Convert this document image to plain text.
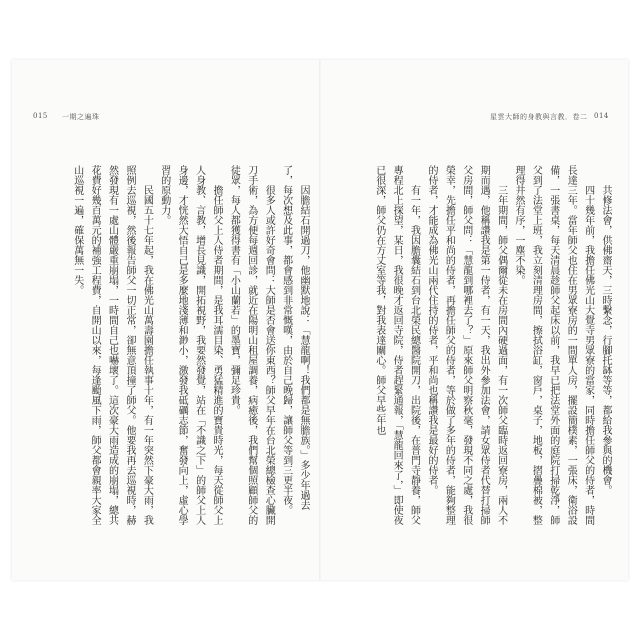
015 一期之遍珠	星雲大師的身教與言教．卷二 014

因膽結石開過刀，他幽默地說：「慧龍啊！我們都是無膽族。」多少年過去了，每次想及此事，都會感到非常慨嘆，由於自己晚歸，讓師父等到三更半夜。

很多人或許好奇會問：大師是否會送你東西？師父早年在台北榮總檢查心臟開刀手術，為方便每週回診，就近在陽明山租屋調養，病癒後，我們幫個照顧師父的徒眾，每人都獲得書有「小山蘭若」的墨寶，彌足珍貴。

擔任師父上人侍者期間，是我耳濡目染、勇猛精進的寶貴時光，每天從師父上人身教、言教，增長見識，開拓視野，我要然發覺，站在「不識之下」的師父上人身邊，才恍然大悟自己是多麼地淺薄和渺小，激發我砥礪志節，奮發向上，虛心學習的原動力。

民國五十七年起，我在佛光山萬壽園擔任執事十年，有一年突然下豪大雨，我照例去巡視，然後報告師父一切正常，卻無意頂撞了師父。他要我再去巡視時，赫然發現有一處山體嚴重崩塌，一時間自己也嚇壞了。這次豪大雨造成的崩塌，總共花費好幾百萬元的補強工程費，自開山以來，每逢颱風下雨，師父都會親率大家全山巡視一遍，確保萬無一失。	共修法會，供佛齋天，三時繫念，行腳托缽等等，都給我參與的機會。

四十幾年前，我擔任佛光山大覺寺男眾寮的當家，同時擔任師父的侍者，時間長達三年。當年師父也住在男眾寮房的一間單人房，擺設簡樸素，一張床，衛浴設備，一張書桌，每天清晨趁師父起床以前，我早已把法堂外面的庭院打掃乾淨，師父到了法堂上班，我立刻清理房間，擦拭浴缸，窗戶，桌子，地板，摺疊棉被，整理得井然有序，一塵不染。

三年期間，師父偶爾從未在房間內硬過面，有一次師父臨時返回寮房，兩人不期而遇，他稱讚我是第一侍者，有一天，我出外參加法會，請女眾侍者代替打掃師父房間，師父問：「慧龍到哪裡去了？」原來師父明察秋毫，發現不同之處，我很榮幸，先擔任平和尚的侍者，再擔任師父的侍者，等於做了多年的侍者，能夠整理的侍者，才能成為佛光山兩代住持的侍者，平和尚也稱讚我是最好的侍者。

有一年，我因膽囊結石到台北榮民總醫院開刀，出院後，在普門寺靜養，師父專程北上探望，某日，我很晚才返回寺院，侍者趕緊通報，「慧龍回來了，」即使夜已很深，師父仍在方丈室等我，對我表達關心。師父早些年也
